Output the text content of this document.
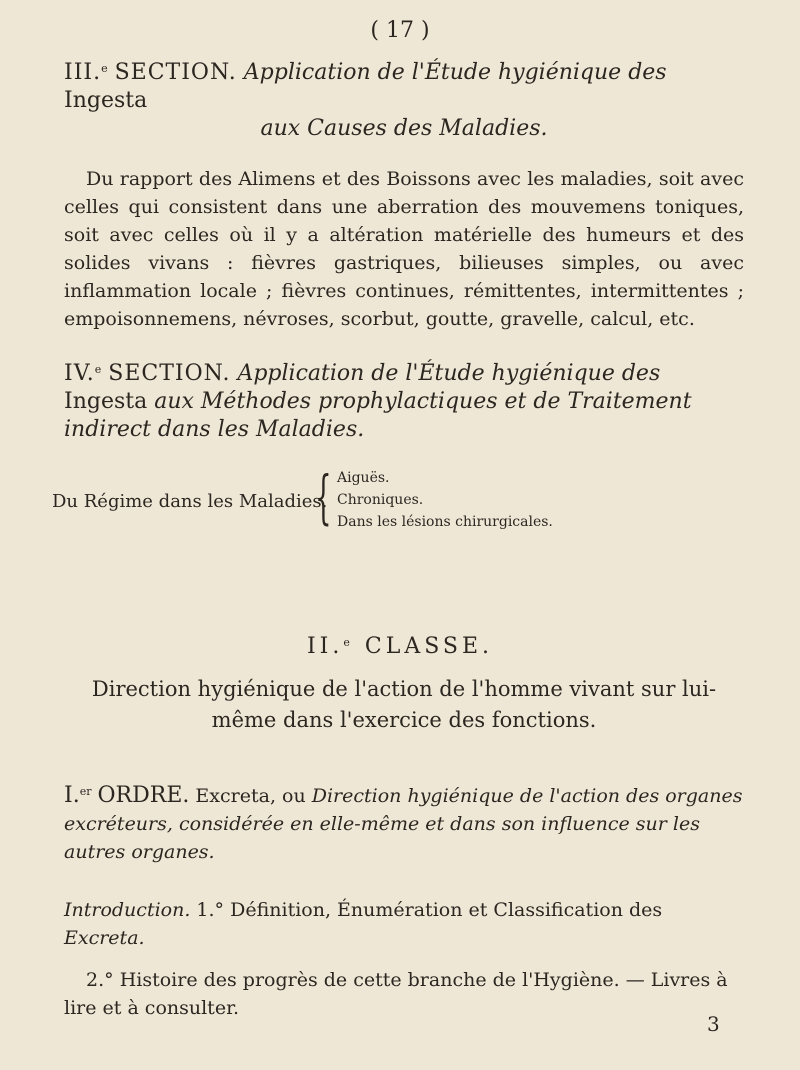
( 17 )
III.$^e$ SECTION. Application de l'Étude hygiénique des Ingesta
aux Causes des Maladies.
Du rapport des Alimens et des Boissons avec les maladies, soit avec celles qui consistent dans une aberration des mouvemens toniques, soit avec celles où il y a altération matérielle des humeurs et des solides vivans : fièvres gastriques, bilieuses simples, ou avec inflammation locale ; fièvres continues, rémittentes, intermittentes ; empoisonnemens, névroses, scorbut, goutte, gravelle, calcul, etc.
IV.$^e$ SECTION. Application de l'Étude hygiénique des Ingesta aux Méthodes prophylactiques et de Traitement indirect dans les Maladies.
Du Régime dans les Maladies.
{ Aiguës.
Chroniques.
Dans les lésions chirurgicales.
II.$^e$ CLASSE.
Direction hygiénique de l'action de l'homme vivant sur lui-même dans l'exercice des fonctions.
I.$^{er}$ ORDRE. Excreta, ou Direction hygiénique de l'action des organes excréteurs, considérée en elle-même et dans son influence sur les autres organes.
Introduction. 1.° Définition, Énumération et Classification des Excreta.
2.° Histoire des progrès de cette branche de l'Hygiène. — Livres à lire et à consulter.
3
